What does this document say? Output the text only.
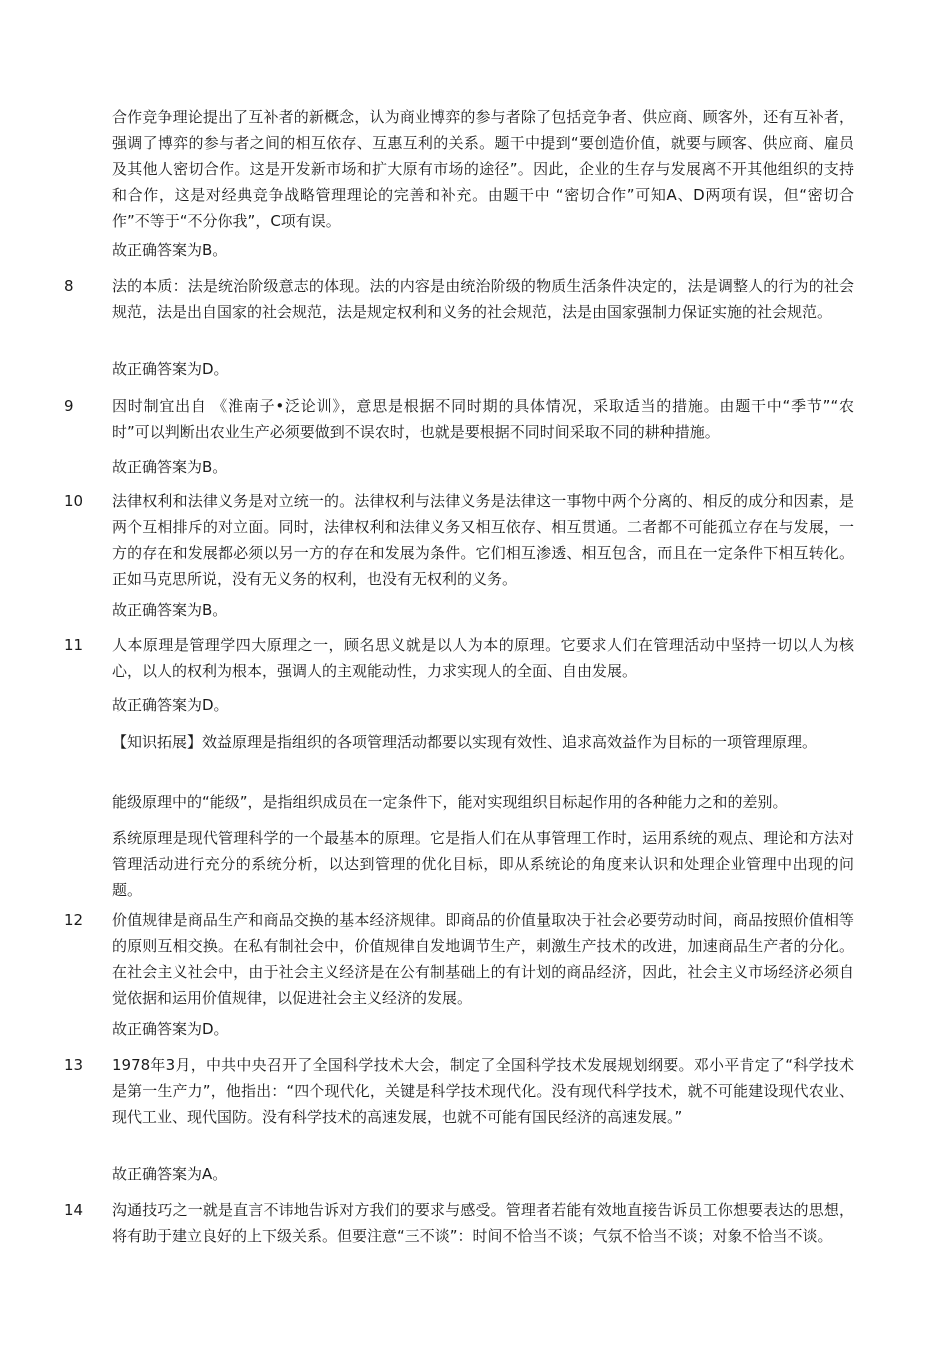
合作竞争理论提出了互补者的新概念，认为商业博弈的参与者除了包括竞争者、供应商、顾客外，还有互补者，强调了博弈的参与者之间的相互依存、互惠互利的关系。题干中提到“要创造价值，就要与顾客、供应商、雇员及其他人密切合作。这是开发新市场和扩大原有市场的途径”。因此，企业的生存与发展离不开其他组织的支持和合作，这是对经典竞争战略管理理论的完善和补充。由题干中 “密切合作”可知A、D两项有误，但“密切合作”不等于“不分你我”，C项有误。

故正确答案为B。

8	法的本质：法是统治阶级意志的体现。法的内容是由统治阶级的物质生活条件决定的，法是调整人的行为的社会规范，法是出自国家的社会规范，法是规定权利和义务的社会规范，法是由国家强制力保证实施的社会规范。

故正确答案为D。

9	因时制宜出自 《淮南子•泛论训》，意思是根据不同时期的具体情况，采取适当的措施。由题干中“季节”“农时”可以判断出农业生产必须要做到不误农时，也就是要根据不同时间采取不同的耕种措施。

故正确答案为B。

10 法律权利和法律义务是对立统一的。法律权利与法律义务是法律这一事物中两个分离的、相反的成分和因素，是两个互相排斥的对立面。同时，法律权利和法律义务又相互依存、相互贯通。二者都不可能孤立存在与发展，一方的存在和发展都必须以另一方的存在和发展为条件。它们相互渗透、相互包含，而且在一定条件下相互转化。正如马克思所说，没有无义务的权利，也没有无权利的义务。

故正确答案为B。

11 人本原理是管理学四大原理之一，顾名思义就是以人为本的原理。它要求人们在管理活动中坚持一切以人为核心，以人的权利为根本，强调人的主观能动性，力求实现人的全面、自由发展。

故正确答案为D。

【知识拓展】效益原理是指组织的各项管理活动都要以实现有效性、追求高效益作为目标的一项管理原理。

能级原理中的“能级”，是指组织成员在一定条件下，能对实现组织目标起作用的各种能力之和的差别。

系统原理是现代管理科学的一个最基本的原理。它是指人们在从事管理工作时，运用系统的观点、理论和方法对管理活动进行充分的系统分析，以达到管理的优化目标，即从系统论的角度来认识和处理企业管理中出现的问题。

12 价值规律是商品生产和商品交换的基本经济规律。即商品的价值量取决于社会必要劳动时间，商品按照价值相等的原则互相交换。在私有制社会中，价值规律自发地调节生产，刺激生产技术的改进，加速商品生产者的分化。在社会主义社会中，由于社会主义经济是在公有制基础上的有计划的商品经济，因此，社会主义市场经济必须自觉依据和运用价值规律，以促进社会主义经济的发展。

故正确答案为D。

13 1978年3月，中共中央召开了全国科学技术大会，制定了全国科学技术发展规划纲要。邓小平肯定了“科学技术是第一生产力”，他指出：“四个现代化，关键是科学技术现代化。没有现代科学技术，就不可能建设现代农业、现代工业、现代国防。没有科学技术的高速发展，也就不可能有国民经济的高速发展。”

故正确答案为A。

14 沟通技巧之一就是直言不讳地告诉对方我们的要求与感受。管理者若能有效地直接告诉员工你想要表达的思想，将有助于建立良好的上下级关系。但要注意“三不谈”：时间不恰当不谈；气氛不恰当不谈；对象不恰当不谈。
